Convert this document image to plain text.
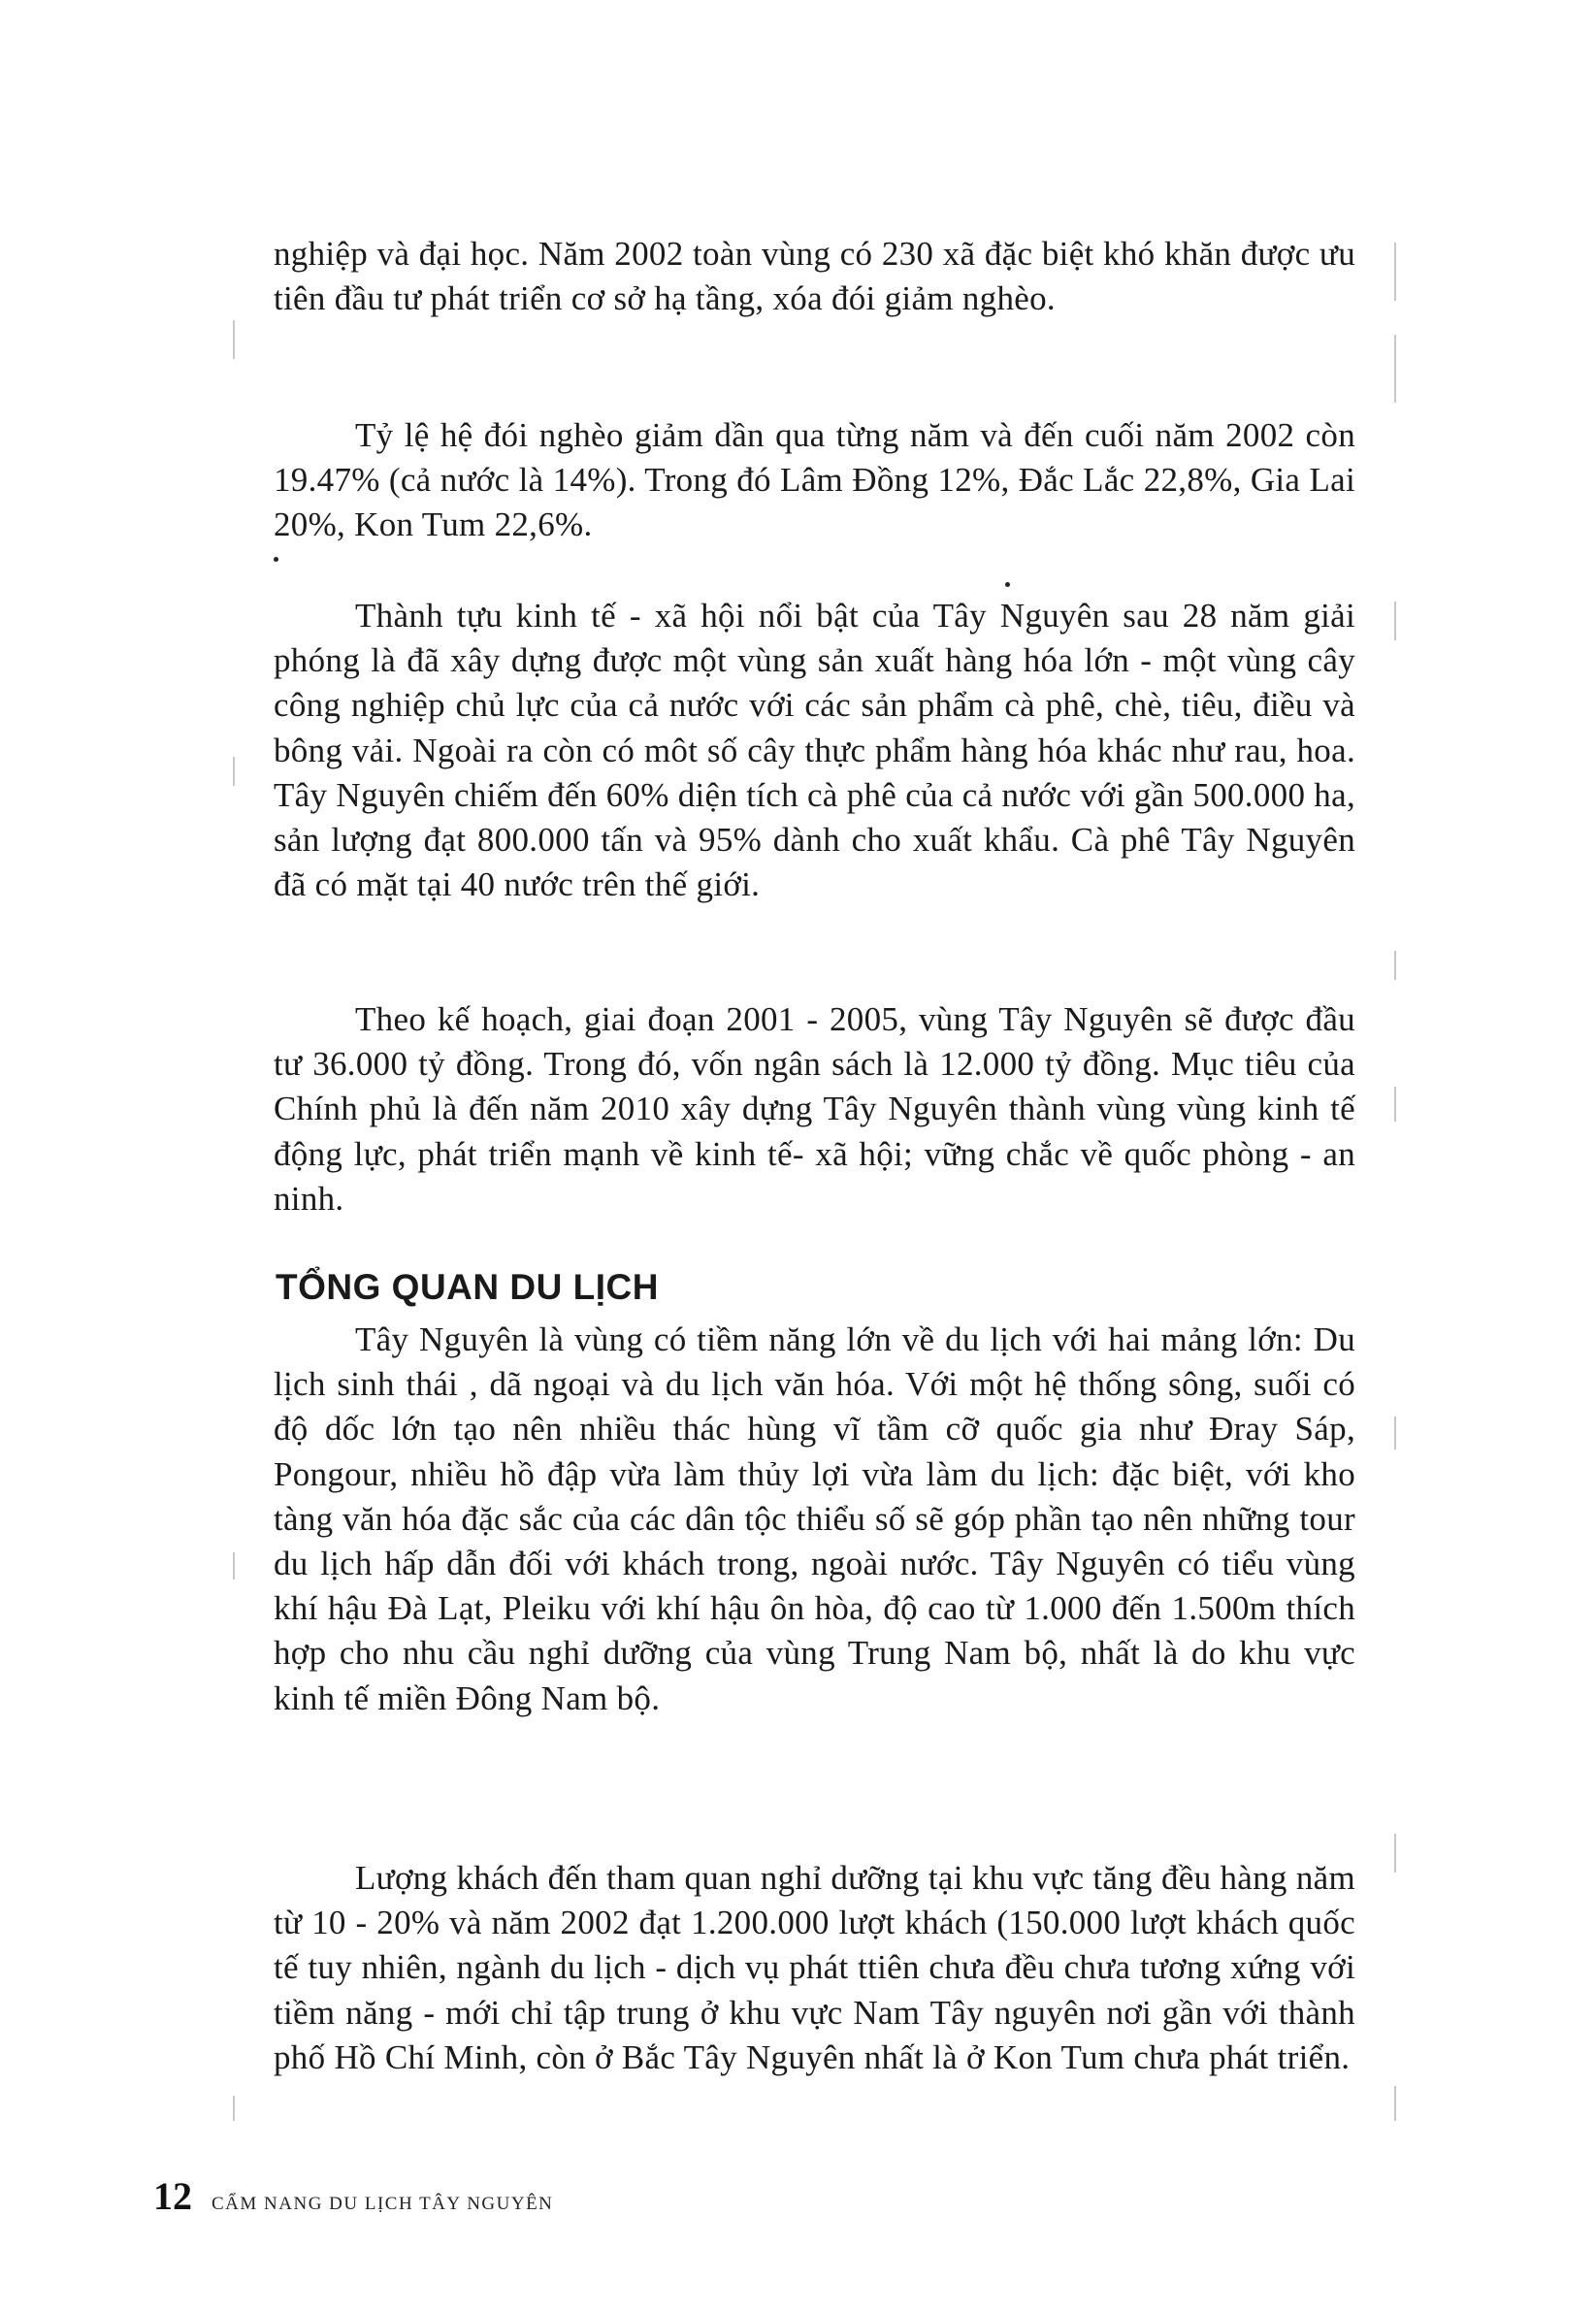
nghiệp và đại học. Năm 2002 toàn vùng có 230 xã đặc biệt khó khăn được ưu tiên đầu tư phát triển cơ sở hạ tầng, xóa đói giảm nghèo.

Tỷ lệ hệ đói nghèo giảm dần qua từng năm và đến cuối năm 2002 còn 19.47% (cả nước là 14%). Trong đó Lâm Đồng 12%, Đắc Lắc 22,8%, Gia Lai 20%, Kon Tum 22,6%.

Thành tựu kinh tế - xã hội nổi bật của Tây Nguyên sau 28 năm giải phóng là đã xây dựng được một vùng sản xuất hàng hóa lớn - một vùng cây công nghiệp chủ lực của cả nước với các sản phẩm cà phê, chè, tiêu, điều và bông vải. Ngoài ra còn có môt số cây thực phẩm hàng hóa khác như rau, hoa. Tây Nguyên chiếm đến 60% diện tích cà phê của cả nước với gần 500.000 ha, sản lượng đạt 800.000 tấn và 95% dành cho xuất khẩu. Cà phê Tây Nguyên đã có mặt tại 40 nước trên thế giới.

Theo kế hoạch, giai đoạn 2001 - 2005, vùng Tây Nguyên sẽ được đầu tư 36.000 tỷ đồng. Trong đó, vốn ngân sách là 12.000 tỷ đồng. Mục tiêu của Chính phủ là đến năm 2010 xây dựng Tây Nguyên thành vùng vùng kinh tế động lực, phát triển mạnh về kinh tế- xã hội; vững chắc về quốc phòng - an ninh.

TỔNG QUAN DU LỊCH

Tây Nguyên là vùng có tiềm năng lớn về du lịch với hai mảng lớn: Du lịch sinh thái , dã ngoại và du lịch văn hóa. Với một hệ thống sông, suối có độ dốc lớn tạo nên nhiều thác hùng vĩ tầm cỡ quốc gia như Đray Sáp, Pongour, nhiều hồ đập vừa làm thủy lợi vừa làm du lịch: đặc biệt, với kho tàng văn hóa đặc sắc của các dân tộc thiểu số sẽ góp phần tạo nên những tour du lịch hấp dẫn đối với khách trong, ngoài nước. Tây Nguyên có tiểu vùng khí hậu Đà Lạt, Pleiku với khí hậu ôn hòa, độ cao từ 1.000 đến 1.500m thích hợp cho nhu cầu nghỉ dưỡng của vùng Trung Nam bộ, nhất là do khu vực kinh tế miền Đông Nam bộ.

Lượng khách đến tham quan nghỉ dưỡng tại khu vực tăng đều hàng năm từ 10 - 20% và năm 2002 đạt 1.200.000 lượt khách (150.000 lượt khách quốc tế tuy nhiên, ngành du lịch - dịch vụ phát ttiên chưa đều chưa tương xứng với tiềm năng - mới chỉ tập trung ở khu vực Nam Tây nguyên nơi gần với thành phố Hồ Chí Minh, còn ở Bắc Tây Nguyên nhất là ở Kon Tum chưa phát triển.

12 CẨM NANG DU LỊCH TÂY NGUYÊN
